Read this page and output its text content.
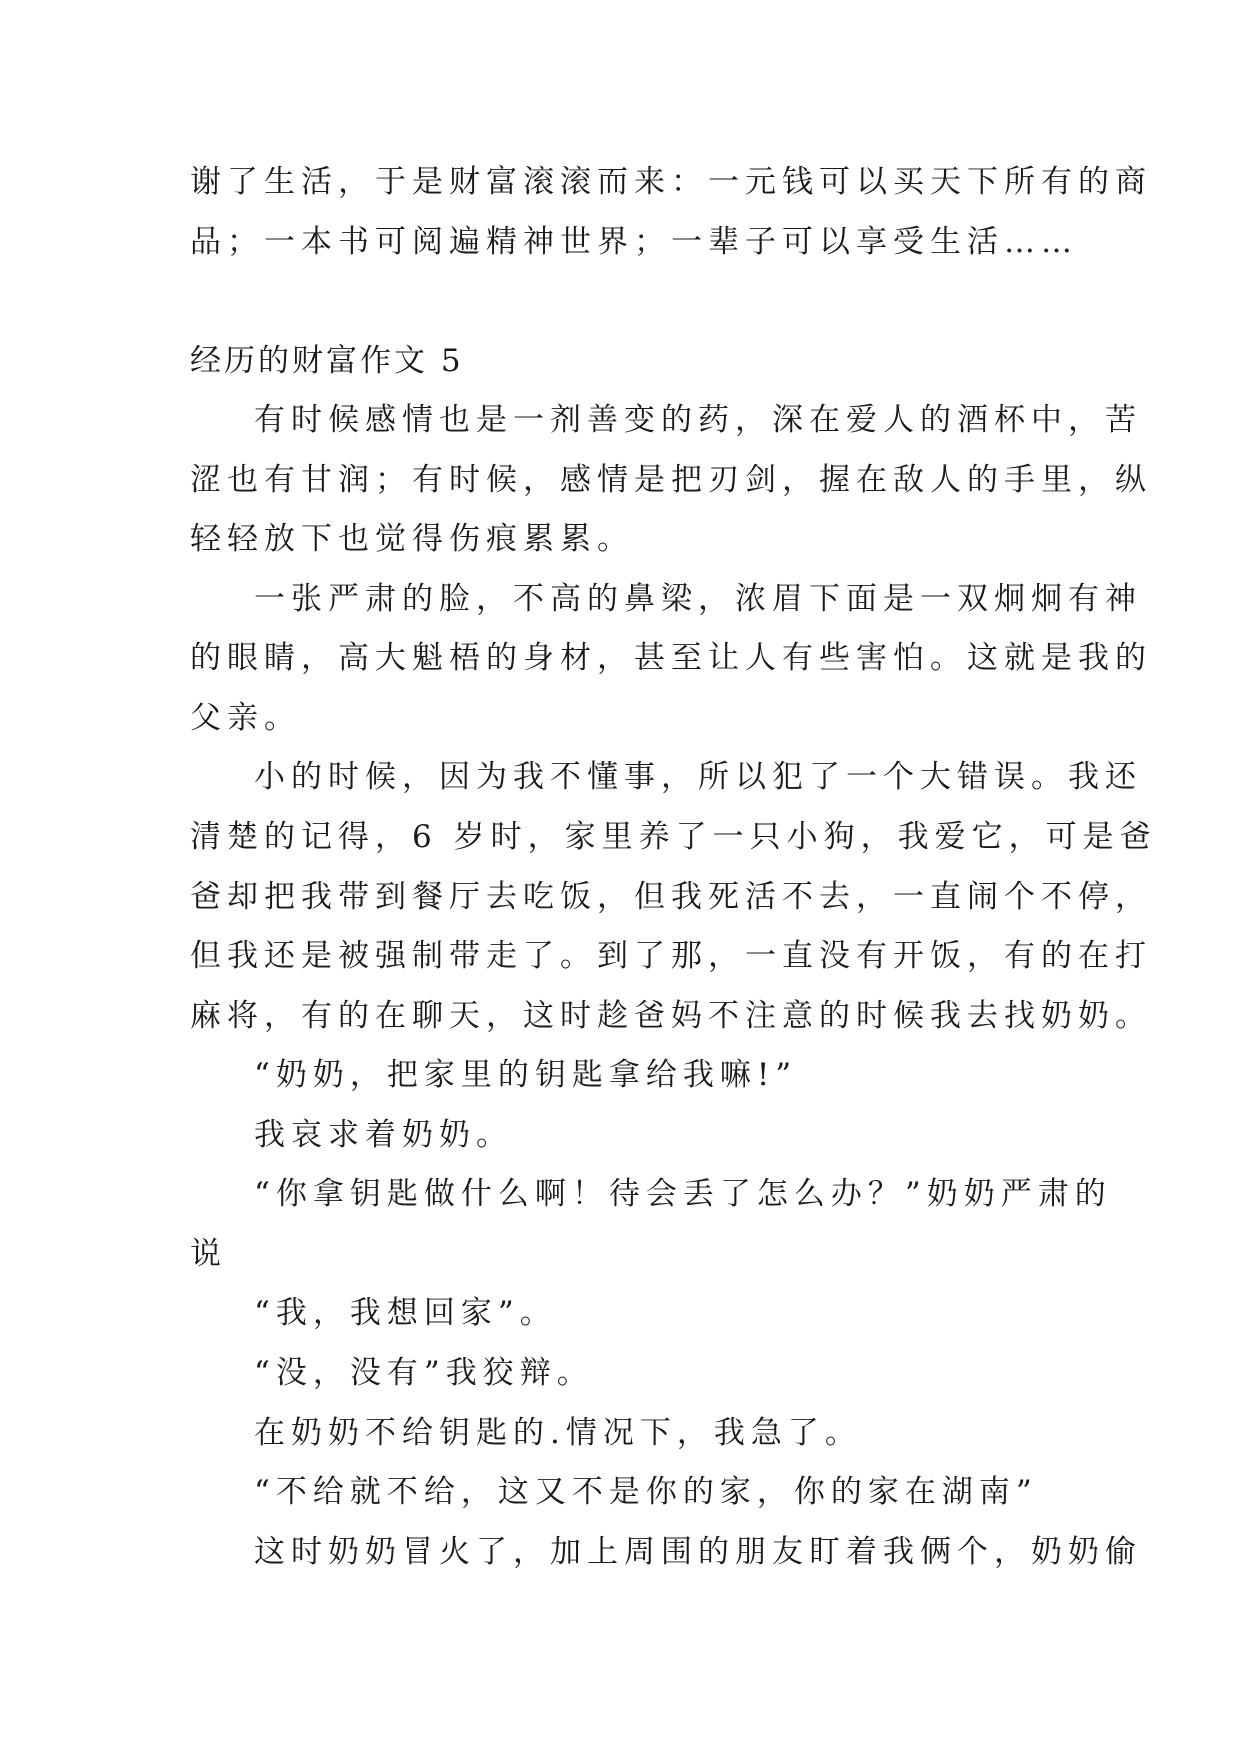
谢了生活，于是财富滚滚而来：一元钱可以买天下所有的商
品；一本书可阅遍精神世界；一辈子可以享受生活……
经历的财富作文 5
有时候感情也是一剂善变的药，深在爱人的酒杯中，苦
涩也有甘润；有时候，感情是把刃剑，握在敌人的手里，纵
轻轻放下也觉得伤痕累累。
一张严肃的脸，不高的鼻梁，浓眉下面是一双炯炯有神
的眼睛，高大魁梧的身材，甚至让人有些害怕。这就是我的
父亲。
小的时候，因为我不懂事，所以犯了一个大错误。我还
清楚的记得，6 岁时，家里养了一只小狗，我爱它，可是爸
爸却把我带到餐厅去吃饭，但我死活不去，一直闹个不停，
但我还是被强制带走了。到了那，一直没有开饭，有的在打
麻将，有的在聊天，这时趁爸妈不注意的时候我去找奶奶。
“奶奶，把家里的钥匙拿给我嘛!”
我哀求着奶奶。
“你拿钥匙做什么啊！待会丢了怎么办？”奶奶严肃的
说
“我，我想回家”。
“没，没有”我狡辩。
在奶奶不给钥匙的.情况下，我急了。
“不给就不给，这又不是你的家，你的家在湖南”
这时奶奶冒火了，加上周围的朋友盯着我俩个，奶奶偷
